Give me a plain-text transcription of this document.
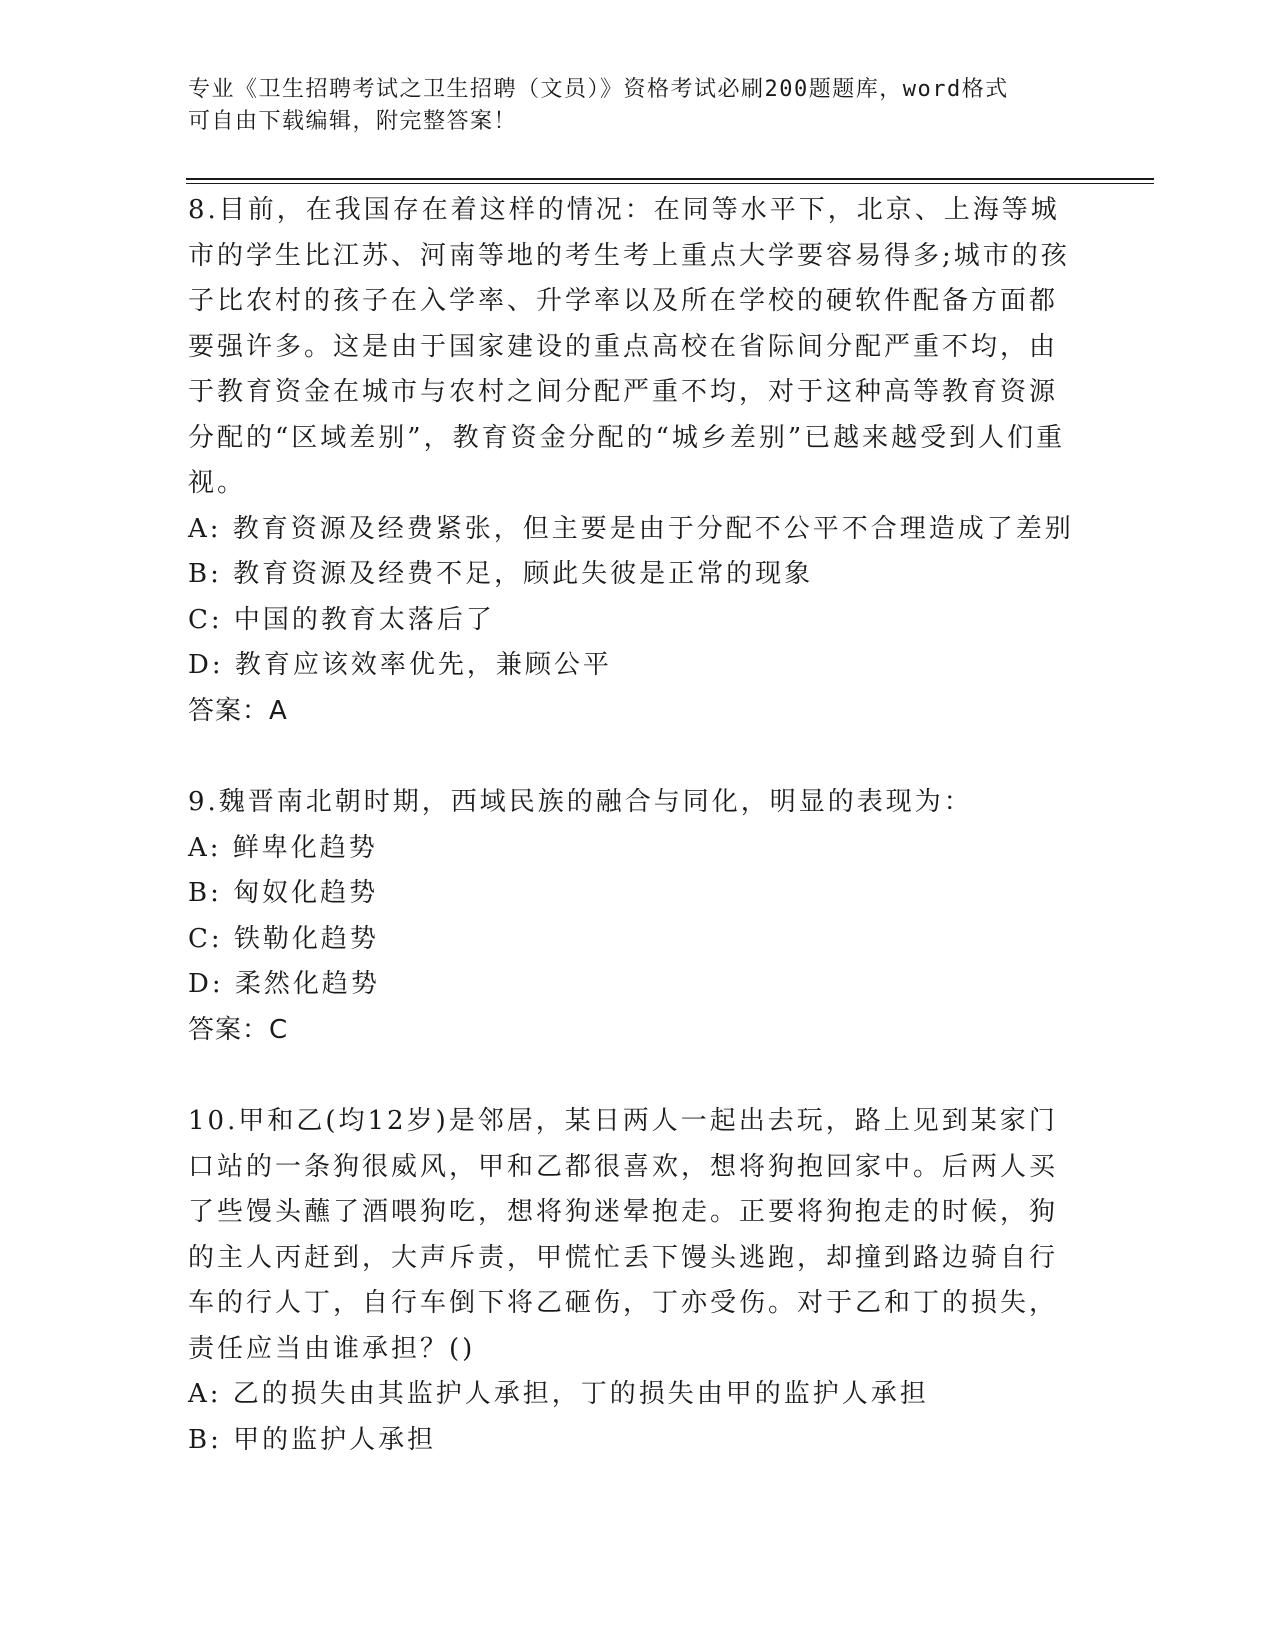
专业《卫生招聘考试之卫生招聘（文员）》资格考试必刷200题题库，word格式
可自由下载编辑，附完整答案！

8.目前，在我国存在着这样的情况：在同等水平下，北京、上海等城市的学生比江苏、河南等地的考生考上重点大学要容易得多;城市的孩子比农村的孩子在入学率、升学率以及所在学校的硬软件配备方面都要强许多。这是由于国家建设的重点高校在省际间分配严重不均，由于教育资金在城市与农村之间分配严重不均，对于这种高等教育资源分配的“区域差别”，教育资金分配的“城乡差别”已越来越受到人们重视。

A: 教育资源及经费紧张，但主要是由于分配不公平不合理造成了差别

B: 教育资源及经费不足，顾此失彼是正常的现象

C: 中国的教育太落后了

D: 教育应该效率优先，兼顾公平

答案：A

9.魏晋南北朝时期，西域民族的融合与同化，明显的表现为：

A: 鲜卑化趋势

B: 匈奴化趋势

C: 铁勒化趋势

D: 柔然化趋势

答案：C

10.甲和乙(均12岁)是邻居，某日两人一起出去玩，路上见到某家门口站的一条狗很威风，甲和乙都很喜欢，想将狗抱回家中。后两人买了些馒头蘸了酒喂狗吃，想将狗迷晕抱走。正要将狗抱走的时候，狗的主人丙赶到，大声斥责，甲慌忙丢下馒头逃跑，却撞到路边骑自行车的行人丁，自行车倒下将乙砸伤，丁亦受伤。对于乙和丁的损失，责任应当由谁承担？()

A: 乙的损失由其监护人承担，丁的损失由甲的监护人承担

B: 甲的监护人承担
